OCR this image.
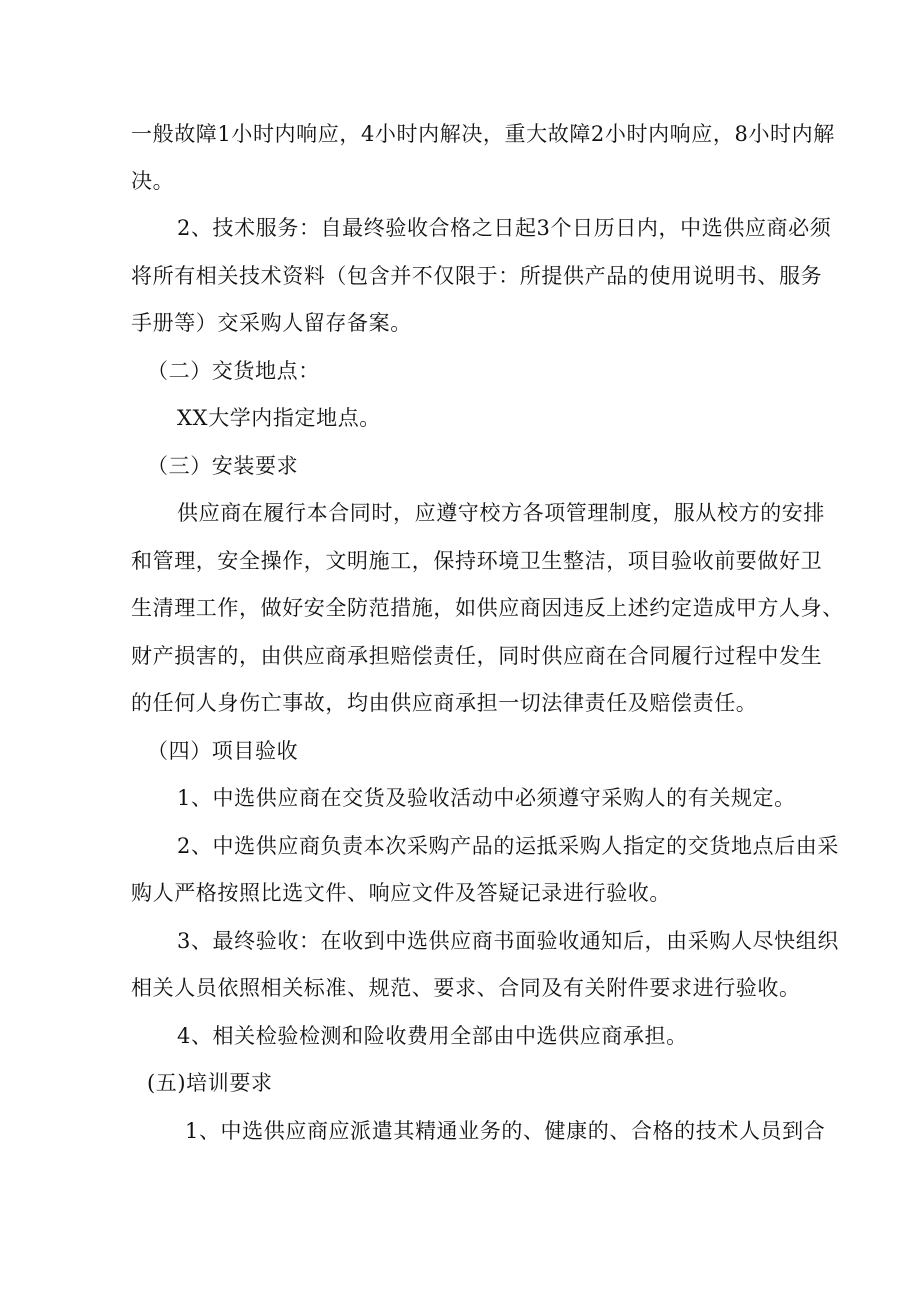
一般故障1小时内响应，4小时内解决，重大故障2小时内响应，8小时内解
决。
2、技术服务：自最终验收合格之日起3个日历日内，中选供应商必须
将所有相关技术资料（包含并不仅限于：所提供产品的使用说明书、服务
手册等）交采购人留存备案。
（二）交货地点：
XX大学内指定地点。
（三）安装要求
供应商在履行本合同时，应遵守校方各项管理制度，服从校方的安排
和管理，安全操作，文明施工，保持环境卫生整洁，项目验收前要做好卫
生清理工作，做好安全防范措施，如供应商因违反上述约定造成甲方人身、
财产损害的，由供应商承担赔偿责任，同时供应商在合同履行过程中发生
的任何人身伤亡事故，均由供应商承担一切法律责任及赔偿责任。
（四）项目验收
1、中选供应商在交货及验收活动中必须遵守采购人的有关规定。
2、中选供应商负责本次采购产品的运抵采购人指定的交货地点后由采
购人严格按照比选文件、响应文件及答疑记录进行验收。
3、最终验收：在收到中选供应商书面验收通知后，由采购人尽快组织
相关人员依照相关标准、规范、要求、合同及有关附件要求进行验收。
4、相关检验检测和险收费用全部由中选供应商承担。
(五)培训要求
1、中选供应商应派遣其精通业务的、健康的、合格的技术人员到合
